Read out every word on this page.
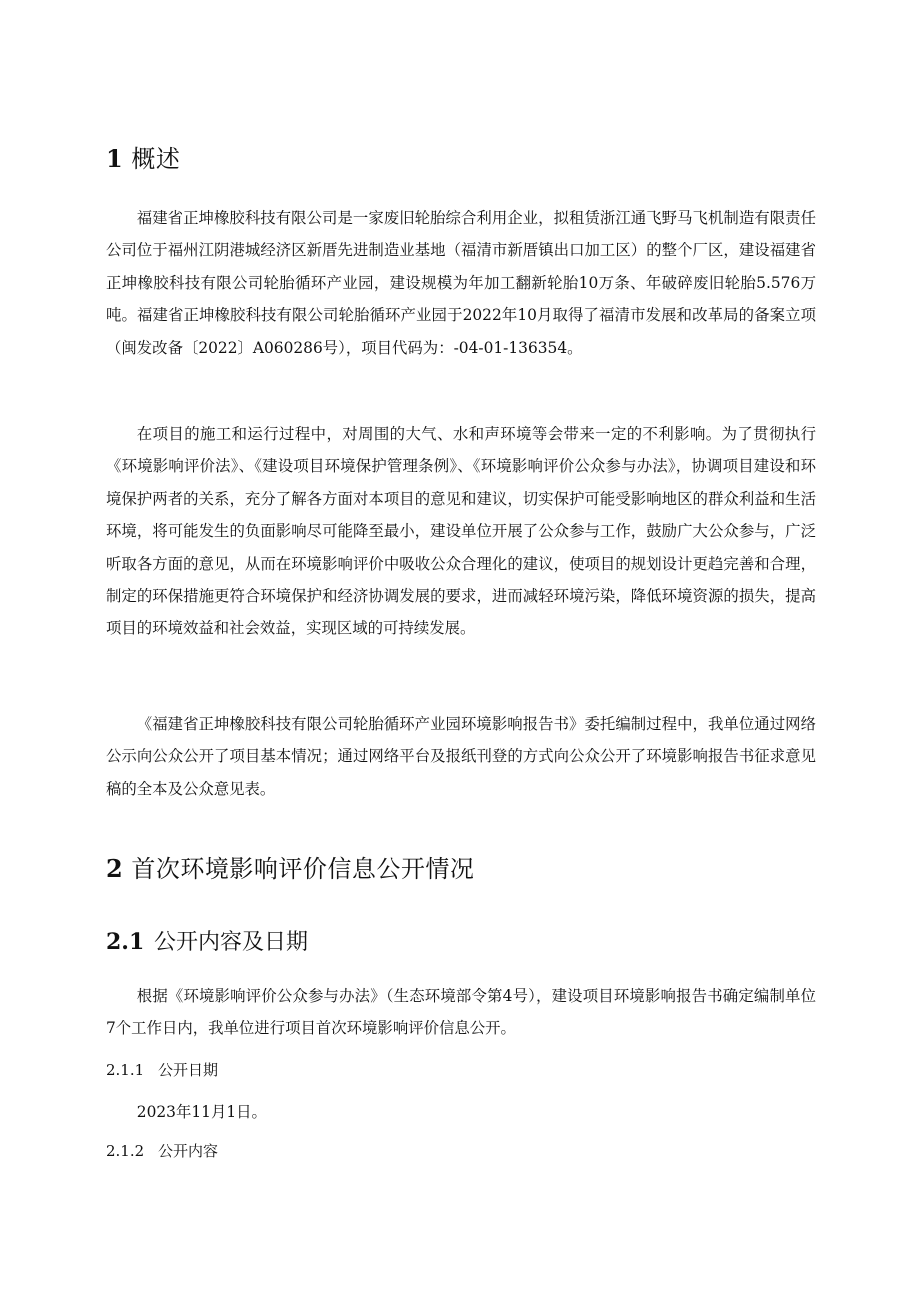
1 概述

福建省正坤橡胶科技有限公司是一家废旧轮胎综合利用企业，拟租赁浙江通飞野马飞机制造有限责任公司位于福州江阴港城经济区新厝先进制造业基地（福清市新厝镇出口加工区）的整个厂区，建设福建省正坤橡胶科技有限公司轮胎循环产业园，建设规模为年加工翻新轮胎10万条、年破碎废旧轮胎5.576万吨。福建省正坤橡胶科技有限公司轮胎循环产业园于2022年10月取得了福清市发展和改革局的备案立项（闽发改备〔2022〕A060286号），项目代码为：-04-01-136354。

在项目的施工和运行过程中，对周围的大气、水和声环境等会带来一定的不利影响。为了贯彻执行《环境影响评价法》、《建设项目环境保护管理条例》、《环境影响评价公众参与办法》，协调项目建设和环境保护两者的关系，充分了解各方面对本项目的意见和建议，切实保护可能受影响地区的群众利益和生活环境，将可能发生的负面影响尽可能降至最小，建设单位开展了公众参与工作，鼓励广大公众参与，广泛听取各方面的意见，从而在环境影响评价中吸收公众合理化的建议，使项目的规划设计更趋完善和合理，制定的环保措施更符合环境保护和经济协调发展的要求，进而减轻环境污染，降低环境资源的损失，提高项目的环境效益和社会效益，实现区域的可持续发展。

《福建省正坤橡胶科技有限公司轮胎循环产业园环境影响报告书》委托编制过程中，我单位通过网络公示向公众公开了项目基本情况；通过网络平台及报纸刊登的方式向公众公开了环境影响报告书征求意见稿的全本及公众意见表。

2 首次环境影响评价信息公开情况
2.1 公开内容及日期

根据《环境影响评价公众参与办法》（生态环境部令第4号），建设项目环境影响报告书确定编制单位7个工作日内，我单位进行项目首次环境影响评价信息公开。

2.1.1 公开日期

2023年11月1日。

2.1.2 公开内容
